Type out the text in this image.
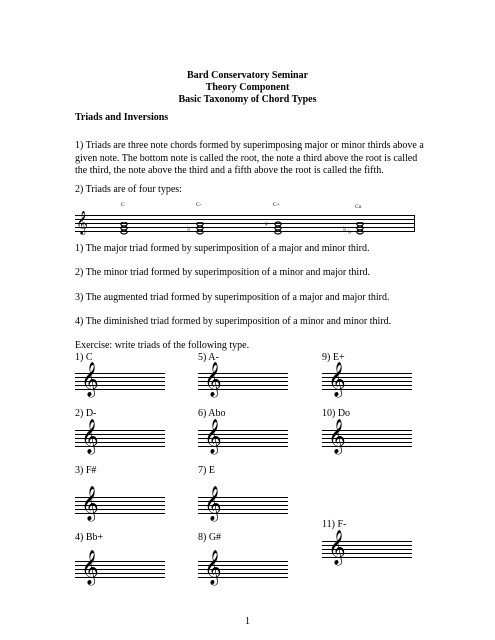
Bard Conservatory Seminar
Theory Component
Basic Taxonomy of Chord Types
Triads and Inversions
1) Triads are three note chords formed by superimposing major or minor thirds above a given note. The bottom note is called the root, the note a third above the root is called the third, the note above the third and a fifth above the root is called the fifth.
2) Triads are of four types:
𝄞
C	C-
♭
C+
♯
Co
♭ ♭
1) The major triad formed by superimposition of a major and minor third.
2) The minor triad formed by superimposition of a minor and major third.
3) The augmented triad formed by superimposition of a major and major third.
4) The diminished triad formed by superimposition of a minor and minor third.
Exercise: write triads of the following type.
1) C	5) A-	9) E+
2) D-	6) Abo	10) Do
3) F#	7) E
11) F-
4) Bb+	8) G#
𝄞	𝄞	𝄞
𝄞	𝄞	𝄞
𝄞	𝄞
𝄞
𝄞	𝄞
1
